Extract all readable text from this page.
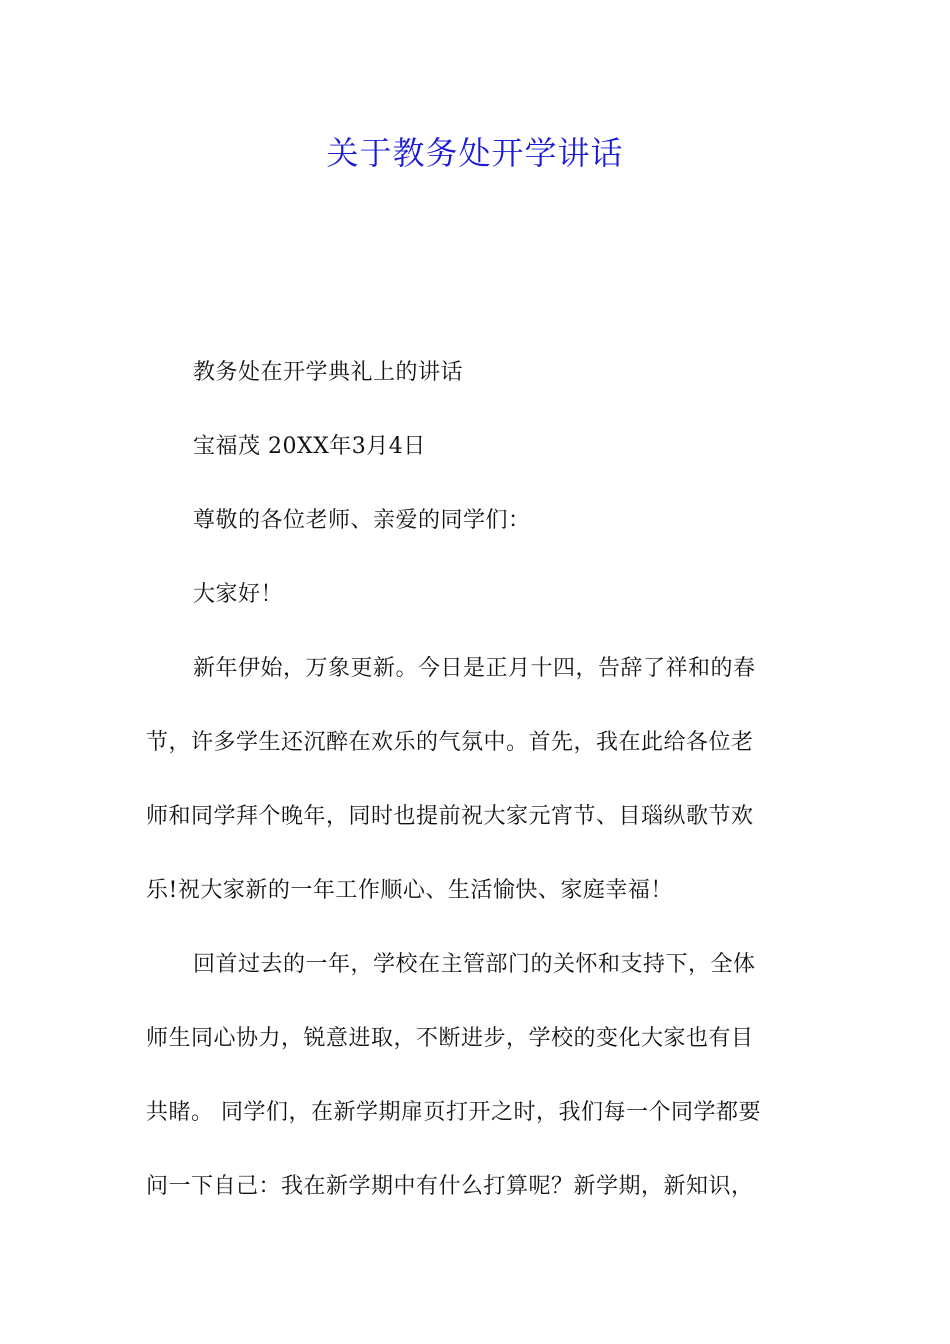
关于教务处开学讲话
教务处在开学典礼上的讲话
宝福茂 20XX年3月4日
尊敬的各位老师、亲爱的同学们：
大家好！
新年伊始，万象更新。今日是正月十四，告辞了祥和的春
节，许多学生还沉醉在欢乐的气氛中。首先，我在此给各位老
师和同学拜个晚年，同时也提前祝大家元宵节、目瑙纵歌节欢
乐!祝大家新的一年工作顺心、生活愉快、家庭幸福！
回首过去的一年，学校在主管部门的关怀和支持下，全体
师生同心协力，锐意进取，不断进步，学校的变化大家也有目
共睹。 同学们，在新学期扉页打开之时，我们每一个同学都要
问一下自己：我在新学期中有什么打算呢？新学期，新知识，
